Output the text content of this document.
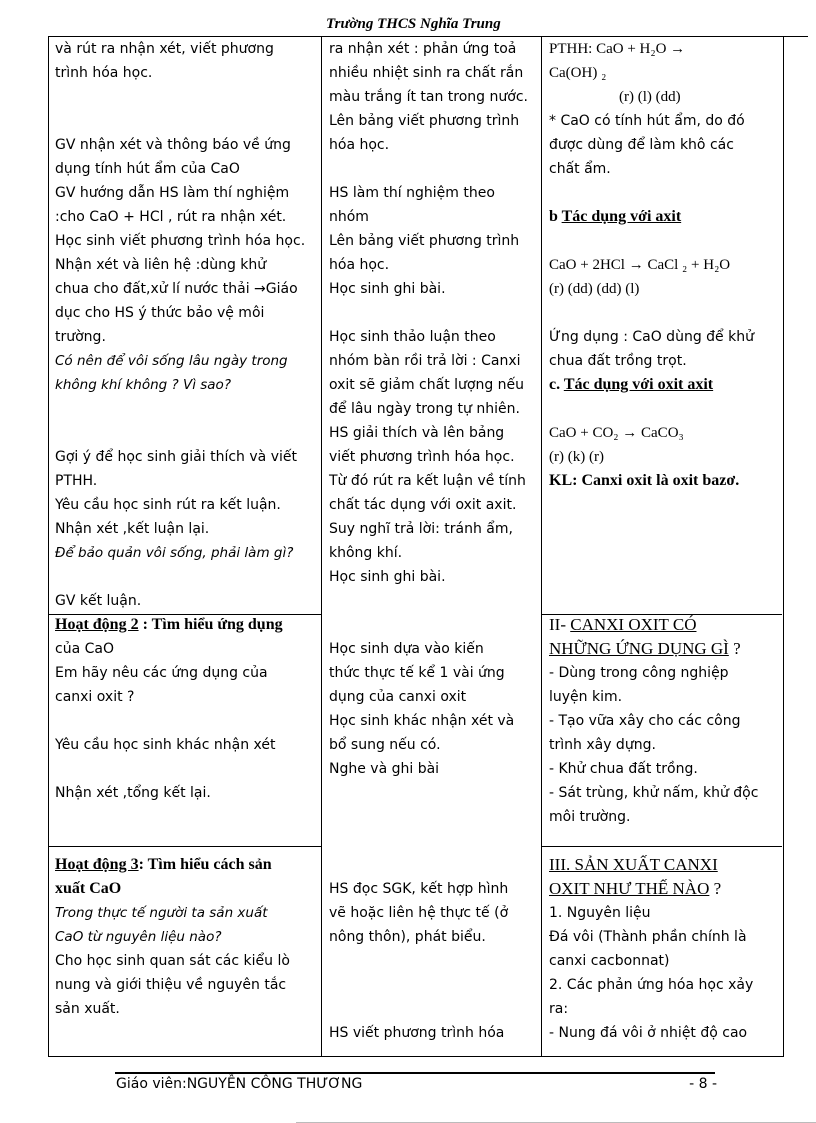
Trường THCS Nghĩa Trung
và rút ra nhận xét, viết phương
trình hóa học.
GV nhận xét và thông báo về ứng
dụng tính hút ẩm của CaO
GV hướng dẫn HS làm thí nghiệm
:cho CaO + HCl , rút ra nhận xét.
Học sinh viết phương trình hóa học.
Nhận xét và liên hệ :dùng khử
chua cho đất,xử lí nước thải →Giáo
dục cho HS ý thức bảo vệ môi
trường.
Có nên để vôi sống lâu ngày trong
không khí không ? Vì sao?
Gợi ý để học sinh giải thích và viết
PTHH.
Yêu cầu học sinh rút ra kết luận.
Nhận xét ,kết luận lại.
Để bảo quản vôi sống, phải làm gì?
GV kết luận.
Hoạt động 2 : Tìm hiểu ứng dụng
của CaO
Em hãy nêu các ứng dụng của
canxi oxit ?
Yêu cầu học sinh khác nhận xét
Nhận xét ,tổng kết lại.
Hoạt động 3: Tìm hiểu cách sản
xuất CaO
Trong thực tế người ta sản xuất
CaO từ nguyên liệu nào?
Cho học sinh quan sát các kiểu lò
nung và giới thiệu về nguyên tắc
sản xuất.
ra nhận xét : phản ứng toả
nhiều nhiệt sinh ra chất rắn
màu trắng ít tan trong nước.
Lên bảng viết phương trình
hóa học.
HS làm thí nghiệm theo
nhóm
Lên bảng viết phương trình
hóa học.
Học sinh ghi bài.
Học sinh thảo luận theo
nhóm bàn rồi trả lời : Canxi
oxit sẽ giảm chất lượng nếu
để lâu ngày trong tự nhiên.
HS giải thích và lên bảng
viết phương trình hóa học.
Từ đó rút ra kết luận về tính
chất tác dụng với oxit axit.
Suy nghĩ trả lời: tránh ẩm,
không khí.
Học sinh ghi bài.
Học sinh dựa vào kiến
thức thực tế kể 1 vài ứng
dụng của canxi oxit
Học sinh khác nhận xét và
bổ sung nếu có.
Nghe và ghi bài
HS đọc SGK, kết hợp hình
vẽ hoặc liên hệ thực tế (ở
nông thôn), phát biểu.
HS viết phương trình hóa
PTHH: CaO + H₂O →
Ca(OH) ₂
(r) (l) (dd)
* CaO có tính hút ẩm, do đó
được dùng để làm khô các
chất ẩm.
b Tác dụng với axit
CaO + 2HCl → CaCl ₂ + H₂O
(r) (dd) (dd) (l)
Ứng dụng : CaO dùng để khử
chua đất trồng trọt.
c. Tác dụng với oxit axit
CaO + CO₂ → CaCO₃
(r) (k) (r)
KL: Canxi oxit là oxit bazơ.
II- CANXI OXIT CÓ
NHỮNG ỨNG DỤNG GÌ ?
- Dùng trong công nghiệp
luyện kim.
- Tạo vữa xây cho các công
trình xây dựng.
- Khử chua đất trồng.
- Sát trùng, khử nấm, khử độc
môi trường.
III. SẢN XUẤT CANXI
OXIT NHƯ THẾ NÀO ?
1. Nguyên liệu
Đá vôi (Thành phần chính là
canxi cacbonnat)
2. Các phản ứng hóa học xảy
ra:
- Nung đá vôi ở nhiệt độ cao
Giáo viên:NGUYỄN CÔNG THƯƠNG	- 8 -
